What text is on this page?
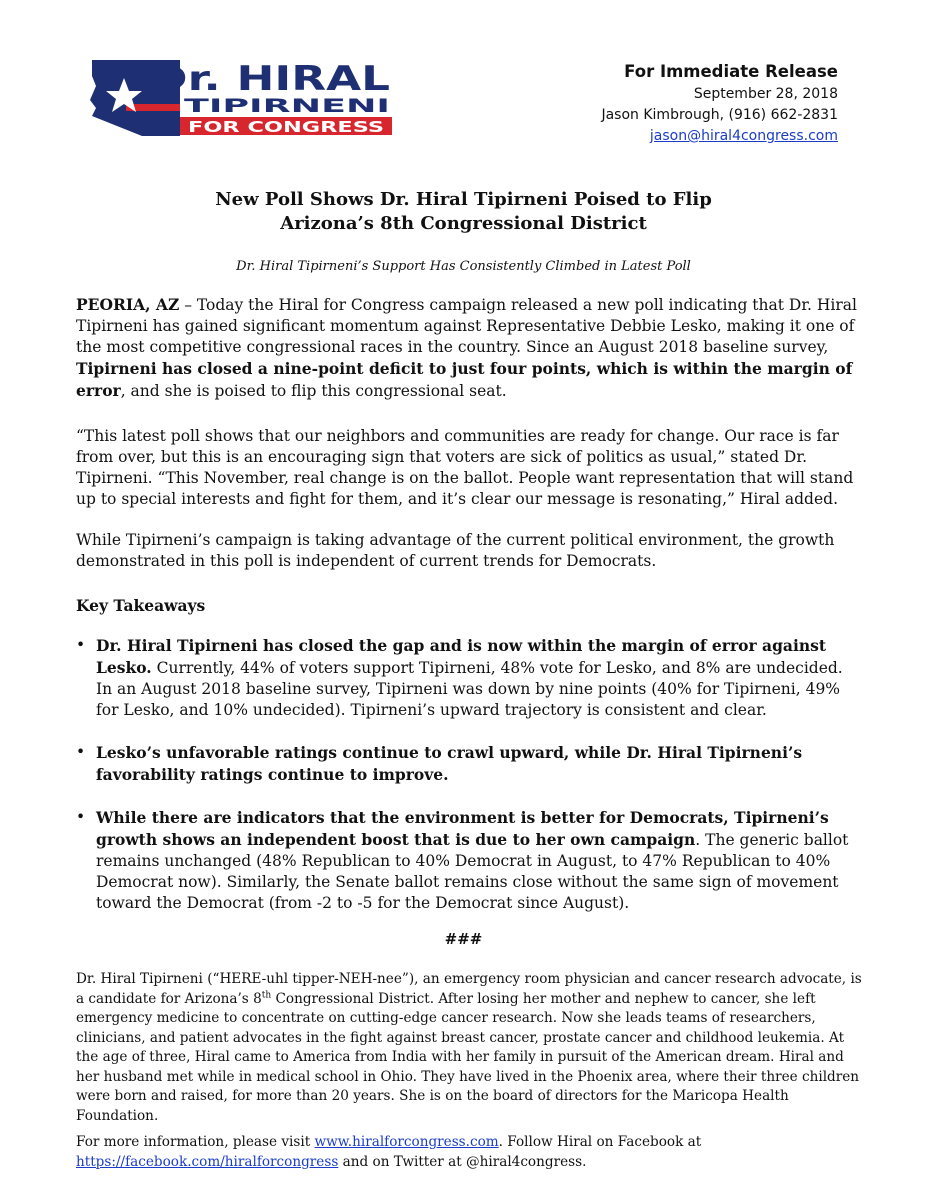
Dr. HIRAL
TIPIRNENI
FOR CONGRESS
For Immediate Release
September 28, 2018
Jason Kimbrough, (916) 662-2831
jason@hiral4congress.com
New Poll Shows Dr. Hiral Tipirneni Poised to Flip
Arizona’s 8th Congressional District
Dr. Hiral Tipirneni’s Support Has Consistently Climbed in Latest Poll
PEORIA, AZ – Today the Hiral for Congress campaign released a new poll indicating that Dr. Hiral Tipirneni has gained significant momentum against Representative Debbie Lesko, making it one of the most competitive congressional races in the country. Since an August 2018 baseline survey, Tipirneni has closed a nine-point deficit to just four points, which is within the margin of error, and she is poised to flip this congressional seat.
“This latest poll shows that our neighbors and communities are ready for change. Our race is far from over, but this is an encouraging sign that voters are sick of politics as usual,” stated Dr. Tipirneni. “This November, real change is on the ballot. People want representation that will stand up to special interests and fight for them, and it’s clear our message is resonating,” Hiral added.
While Tipirneni’s campaign is taking advantage of the current political environment, the growth demonstrated in this poll is independent of current trends for Democrats.
Key Takeaways
• Dr. Hiral Tipirneni has closed the gap and is now within the margin of error against Lesko. Currently, 44% of voters support Tipirneni, 48% vote for Lesko, and 8% are undecided. In an August 2018 baseline survey, Tipirneni was down by nine points (40% for Tipirneni, 49% for Lesko, and 10% undecided). Tipirneni’s upward trajectory is consistent and clear.
• Lesko’s unfavorable ratings continue to crawl upward, while Dr. Hiral Tipirneni’s favorability ratings continue to improve.
• While there are indicators that the environment is better for Democrats, Tipirneni’s growth shows an independent boost that is due to her own campaign. The generic ballot remains unchanged (48% Republican to 40% Democrat in August, to 47% Republican to 40% Democrat now). Similarly, the Senate ballot remains close without the same sign of movement toward the Democrat (from -2 to -5 for the Democrat since August).
###
Dr. Hiral Tipirneni (“HERE-uhl tipper-NEH-nee”), an emergency room physician and cancer research advocate, is a candidate for Arizona’s 8th Congressional District. After losing her mother and nephew to cancer, she left emergency medicine to concentrate on cutting-edge cancer research. Now she leads teams of researchers, clinicians, and patient advocates in the fight against breast cancer, prostate cancer and childhood leukemia. At the age of three, Hiral came to America from India with her family in pursuit of the American dream. Hiral and her husband met while in medical school in Ohio. They have lived in the Phoenix area, where their three children were born and raised, for more than 20 years. She is on the board of directors for the Maricopa Health Foundation.
For more information, please visit www.hiralforcongress.com. Follow Hiral on Facebook at https://facebook.com/hiralforcongress and on Twitter at @hiral4congress.
